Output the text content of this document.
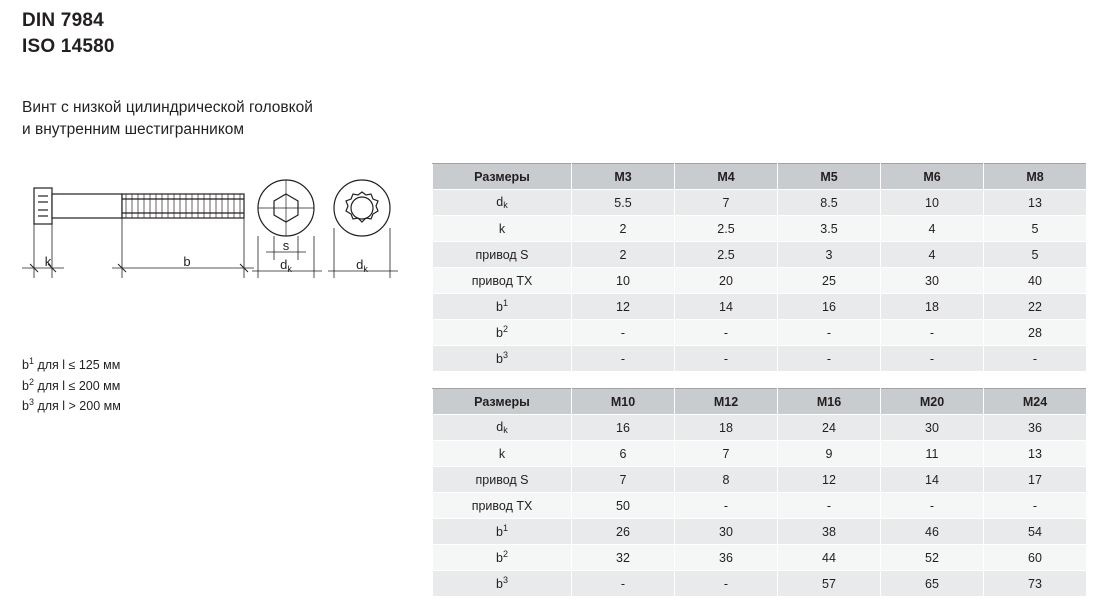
DIN 7984
ISO 14580
Винт с низкой цилиндрической головкой
и внутренним шестигранником
k	b
s
$d_k$	$d_k$
$b^1$ для l ≤ 125 мм
$b^2$ для l ≤ 200 мм
$b^3$ для l > 200 мм
Размеры	M3	M4	M5	M6	M8
$d_k$	5.5	7	8.5	10	13
k	2	2.5	3.5	4	5
привод S	2	2.5	3	4	5
привод TX	10	20	25	30	40
$b^1$	12	14	16	18	22
$b^2$	-	-	-	-	28
$b^3$	-	-	-	-	-
Размеры	M10	M12	M16	M20	M24
$d_k$	16	18	24	30	36
k	6	7	9	11	13
привод S	7	8	12	14	17
привод TX	50	-	-	-	-
$b^1$	26	30	38	46	54
$b^2$	32	36	44	52	60
$b^3$	-	-	57	65	73
